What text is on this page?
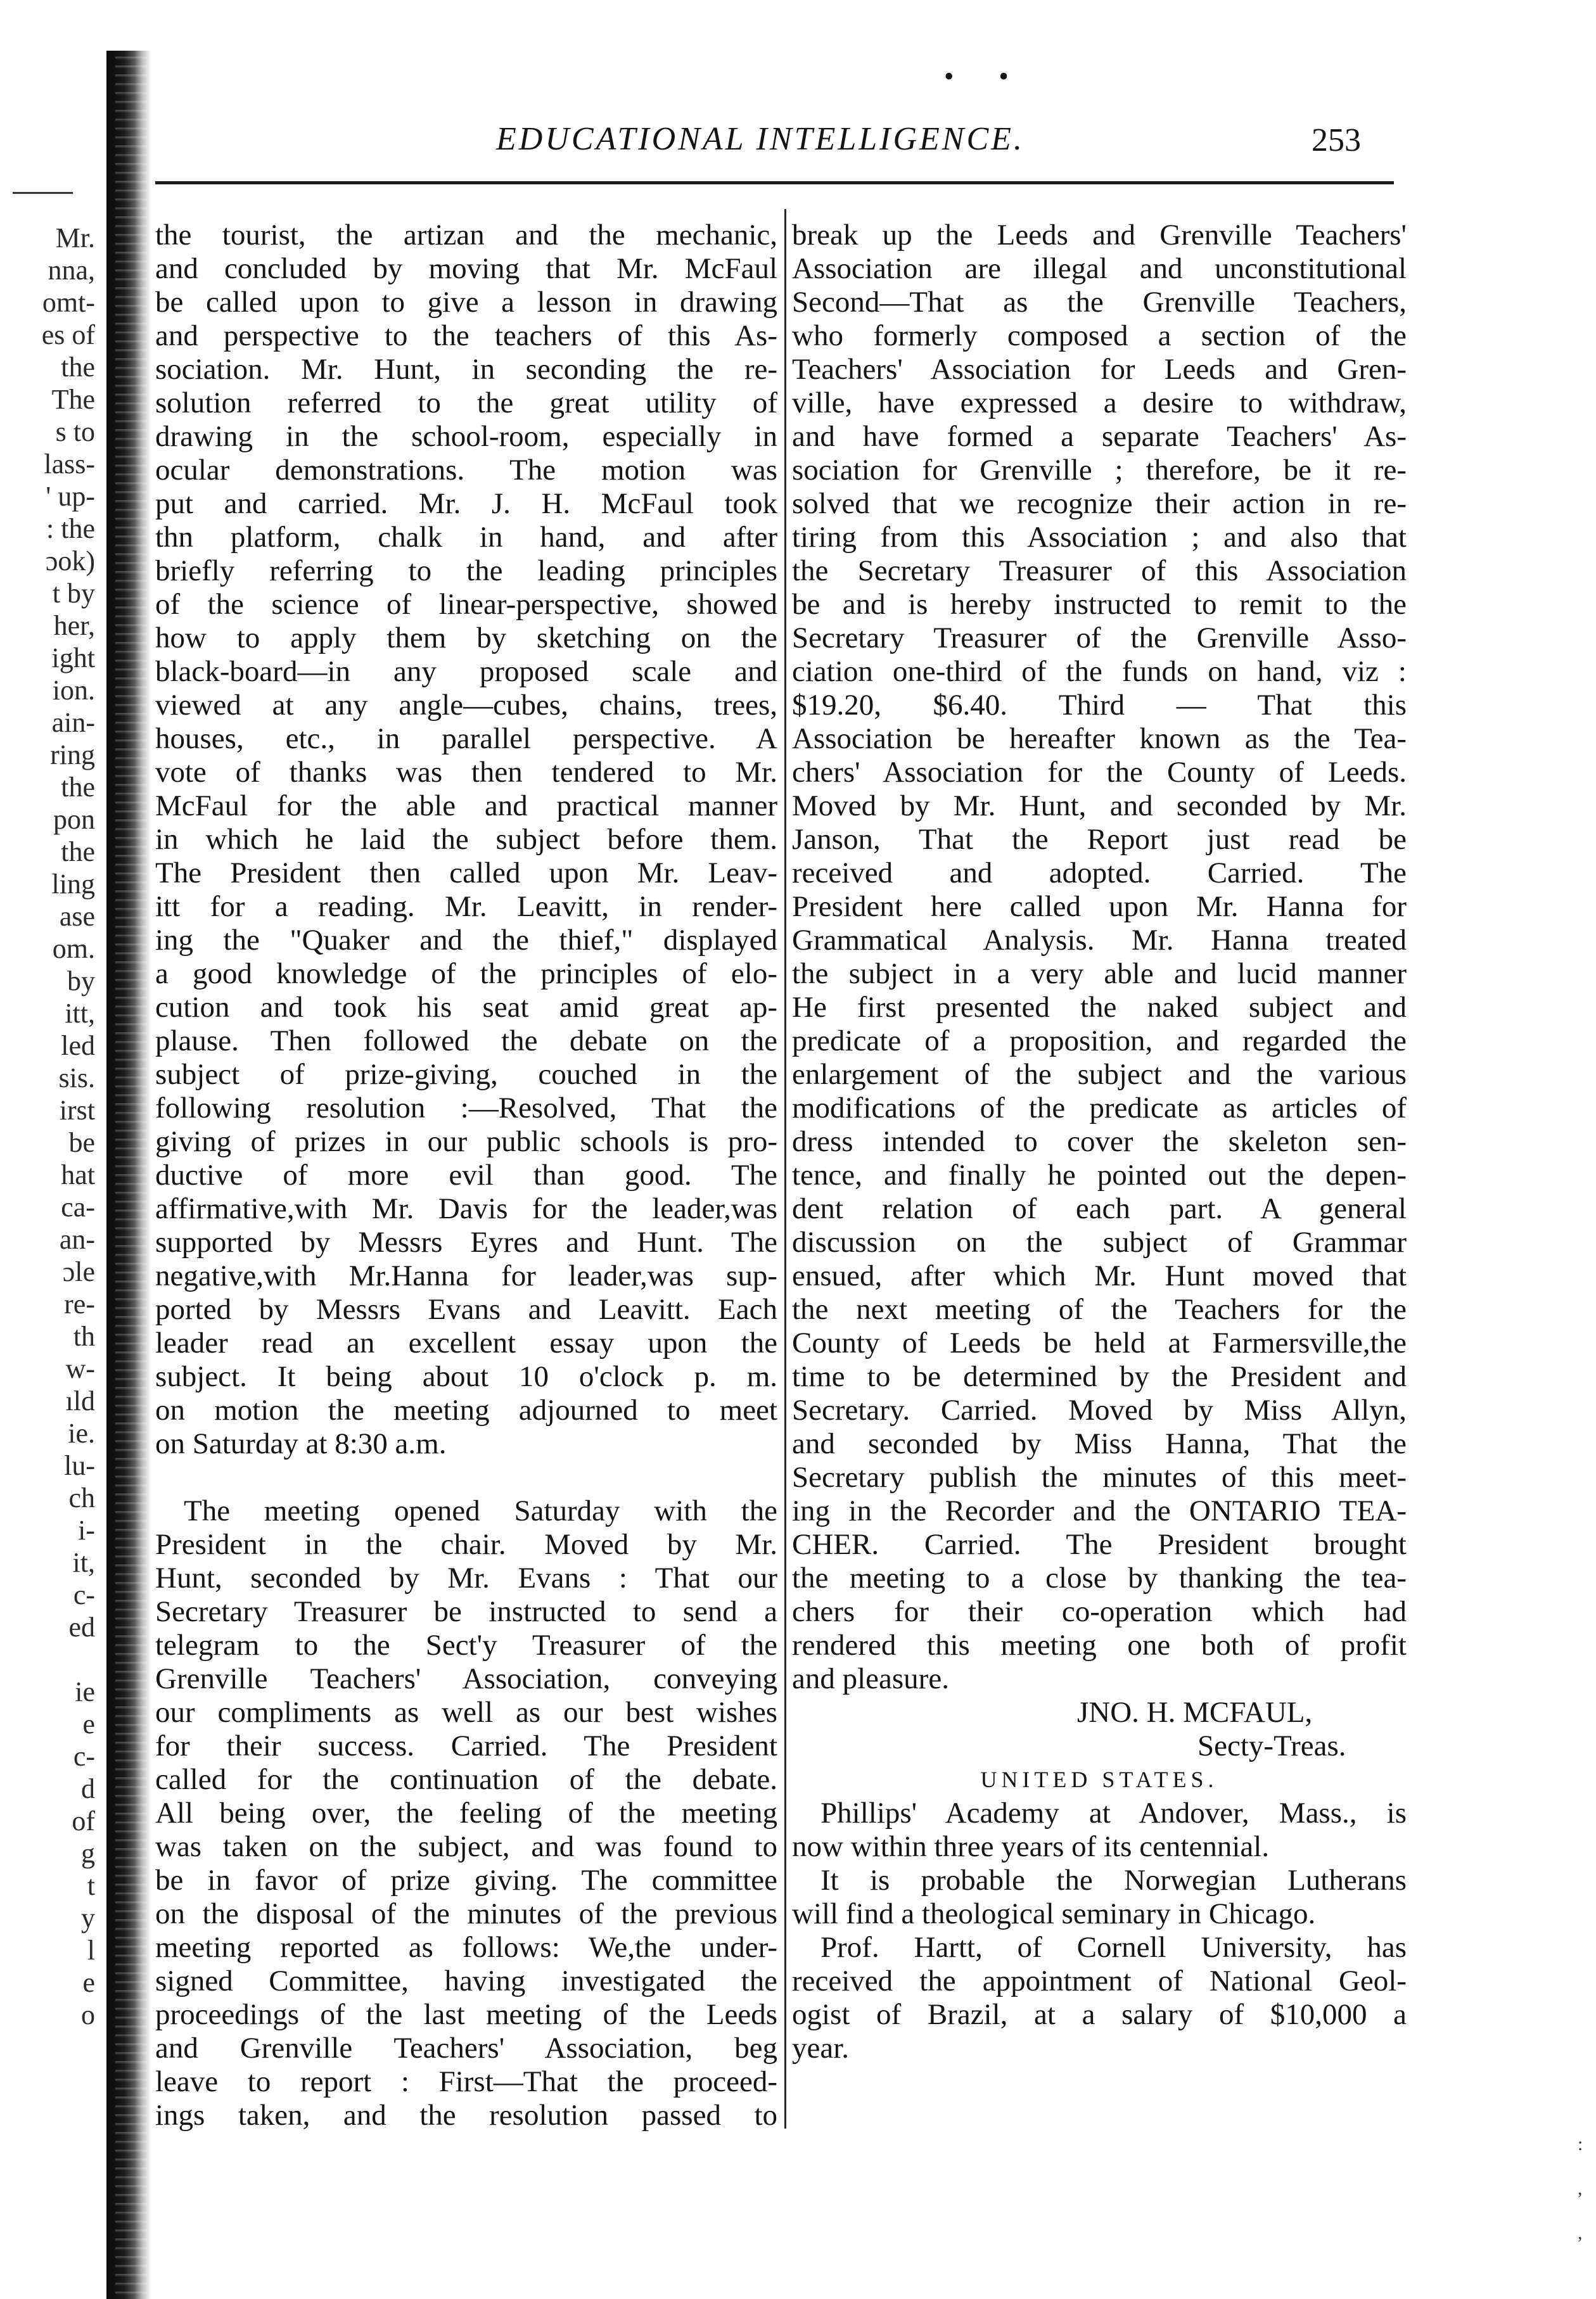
Mr.
nna,
omt-
es of
the
The
s to
lass-
' up-
: the
ɔok)
t by
her,
ight
ion.
ain-
ring
the
pon
the
ling
ase
om.
by
itt,
led
sis.
irst
be
hat
ca-
an-
ɔle
re-
th
w-
ıld
ie.
lu-
ch
i-
it,
c-
ed
ie
e
c-
d
of
g
t
y
l
e
o
• •
EDUCATIONAL INTELLIGENCE.	253
the tourist, the artizan and the mechanic,
and concluded by moving that Mr. McFaul
be called upon to give a lesson in drawing
and perspective to the teachers of this As-
sociation. Mr. Hunt, in seconding the re-
solution referred to the great utility of
drawing in the school-room, especially in
ocular demonstrations. The motion was
put and carried. Mr. J. H. McFaul took
thn platform, chalk in hand, and after
briefly referring to the leading principles
of the science of linear-perspective, showed
how to apply them by sketching on the
black-board—in any proposed scale and
viewed at any angle—cubes, chains, trees,
houses, etc., in parallel perspective. A
vote of thanks was then tendered to Mr.
McFaul for the able and practical manner
in which he laid the subject before them.
The President then called upon Mr. Leav-
itt for a reading. Mr. Leavitt, in render-
ing the "Quaker and the thief," displayed
a good knowledge of the principles of elo-
cution and took his seat amid great ap-
plause. Then followed the debate on the
subject of prize-giving, couched in the
following resolution :—Resolved, That the
giving of prizes in our public schools is pro-
ductive of more evil than good. The
affirmative,with Mr. Davis for the leader,was
supported by Messrs Eyres and Hunt. The
negative,with Mr.Hanna for leader,was sup-
ported by Messrs Evans and Leavitt. Each
leader read an excellent essay upon the
subject. It being about 10 o'clock p. m.
on motion the meeting adjourned to meet
on Saturday at 8:30 a.m.
The meeting opened Saturday with the
President in the chair. Moved by Mr.
Hunt, seconded by Mr. Evans : That our
Secretary Treasurer be instructed to send a
telegram to the Sect'y Treasurer of the
Grenville Teachers' Association, conveying
our compliments as well as our best wishes
for their success. Carried. The President
called for the continuation of the debate.
All being over, the feeling of the meeting
was taken on the subject, and was found to
be in favor of prize giving. The committee
on the disposal of the minutes of the previous
meeting reported as follows: We,the under-
signed Committee, having investigated the
proceedings of the last meeting of the Leeds
and Grenville Teachers' Association, beg
leave to report : First—That the proceed-
ings taken, and the resolution passed to
break up the Leeds and Grenville Teachers'
Association are illegal and unconstitutional
Second—That as the Grenville Teachers,
who formerly composed a section of the
Teachers' Association for Leeds and Gren-
ville, have expressed a desire to withdraw,
and have formed a separate Teachers' As-
sociation for Grenville ; therefore, be it re-
solved that we recognize their action in re-
tiring from this Association ; and also that
the Secretary Treasurer of this Association
be and is hereby instructed to remit to the
Secretary Treasurer of the Grenville Asso-
ciation one-third of the funds on hand, viz :
$19.20, $6.40. Third — That this
Association be hereafter known as the Tea-
chers' Association for the County of Leeds.
Moved by Mr. Hunt, and seconded by Mr.
Janson, That the Report just read be
received and adopted. Carried. The
President here called upon Mr. Hanna for
Grammatical Analysis. Mr. Hanna treated
the subject in a very able and lucid manner
He first presented the naked subject and
predicate of a proposition, and regarded the
enlargement of the subject and the various
modifications of the predicate as articles of
dress intended to cover the skeleton sen-
tence, and finally he pointed out the depen-
dent relation of each part. A general
discussion on the subject of Grammar
ensued, after which Mr. Hunt moved that
the next meeting of the Teachers for the
County of Leeds be held at Farmersville,the
time to be determined by the President and
Secretary. Carried. Moved by Miss Allyn,
and seconded by Miss Hanna, That the
Secretary publish the minutes of this meet-
ing in the Recorder and the ONTARIO TEA-
CHER. Carried. The President brought
the meeting to a close by thanking the tea-
chers for their co-operation which had
rendered this meeting one both of profit
and pleasure.
JNO. H. MCFAUL,
Secty-Treas.
UNITED STATES.
Phillips' Academy at Andover, Mass., is
now within three years of its centennial.
It is probable the Norwegian Lutherans
will find a theological seminary in Chicago.
Prof. Hartt, of Cornell University, has
received the appointment of National Geol-
ogist of Brazil, at a salary of $10,000 a
year.
:
,
,
